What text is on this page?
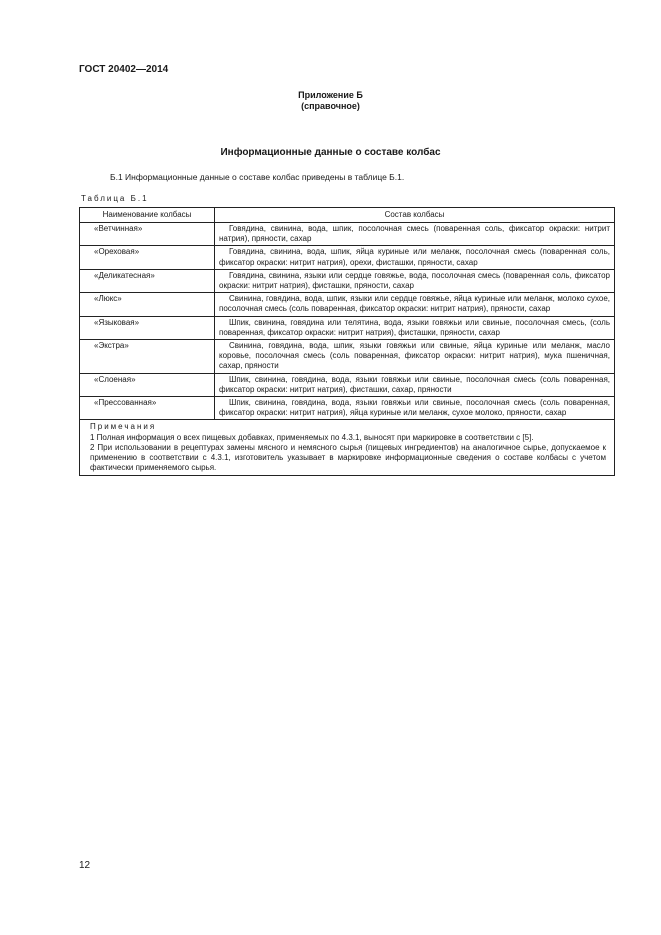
ГОСТ 20402—2014
Приложение Б
(справочное)
Информационные данные о составе колбас
Б.1 Информационные данные о составе колбас приведены в таблице Б.1.
Таблица Б.1
Наименование колбасы	Состав колбасы
«Ветчинная»	Говядина, свинина, вода, шпик, посолочная смесь (поваренная соль, фиксатор окраски: нитрит натрия), пряности, сахар
«Ореховая»	Говядина, свинина, вода, шпик, яйца куриные или меланж, посолочная смесь (поваренная соль, фиксатор окраски: нитрит натрия), орехи, фисташки, пряности, сахар
«Деликатесная»	Говядина, свинина, языки или сердце говяжье, вода, посолочная смесь (поваренная соль, фиксатор окраски: нитрит натрия), фисташки, пряности, сахар
«Люкс»	Свинина, говядина, вода, шпик, языки или сердце говяжье, яйца куриные или меланж, молоко сухое, посолочная смесь (соль поваренная, фиксатор окраски: нитрит натрия), пряности, сахар
«Языковая»	Шпик, свинина, говядина или телятина, вода, языки говяжьи или свиные, посолочная смесь, (соль поваренная, фиксатор окраски: нитрит натрия), фисташки, пряности, сахар
«Экстра»	Свинина, говядина, вода, шпик, языки говяжьи или свиные, яйца куриные или меланж, масло коровье, посолочная смесь (соль поваренная, фиксатор окраски: нитрит натрия), мука пшеничная, сахар, пряности
«Слоеная»	Шпик, свинина, говядина, вода, языки говяжьи или свиные, посолочная смесь (соль поваренная, фиксатор окраски: нитрит натрия), фисташки, сахар, пряности
«Прессованная»	Шпик, свинина, говядина, вода, языки говяжьи или свиные, посолочная смесь (соль поваренная, фиксатор окраски: нитрит натрия), яйца куриные или меланж, сухое молоко, пряности, сахар

Примечания
1 Полная информация о всех пищевых добавках, применяемых по 4.3.1, выносят при маркировке в соответствии с [5].
2 При использовании в рецептурах замены мясного и немясного сырья (пищевых ингредиентов) на аналогичное сырье, допускаемое к применению в соответствии с 4.3.1, изготовитель указывает в маркировке информационные сведения о составе колбасы с учетом фактически применяемого сырья.	
12
